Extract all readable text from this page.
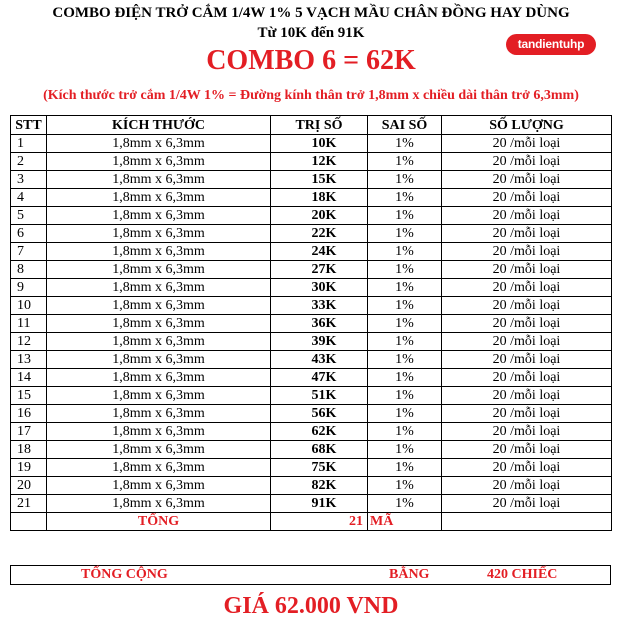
COMBO ĐIỆN TRỞ CẮM 1/4W 1% 5 VẠCH MẦU CHÂN ĐỒNG HAY DÙNG
Từ 10K đến 91K
tandientuhp
COMBO 6 = 62K
(Kích thước trở cắm 1/4W 1% = Đường kính thân trở 1,8mm x chiều dài thân trở 6,3mm)
STT	KÍCH THƯỚC	TRỊ SỐ	SAI SỐ	SỐ LƯỢNG
1	1,8mm x 6,3mm	10K	1%	20 /mỗi loại
2	1,8mm x 6,3mm	12K	1%	20 /mỗi loại
3	1,8mm x 6,3mm	15K	1%	20 /mỗi loại
4	1,8mm x 6,3mm	18K	1%	20 /mỗi loại
5	1,8mm x 6,3mm	20K	1%	20 /mỗi loại
6	1,8mm x 6,3mm	22K	1%	20 /mỗi loại
7	1,8mm x 6,3mm	24K	1%	20 /mỗi loại
8	1,8mm x 6,3mm	27K	1%	20 /mỗi loại
9	1,8mm x 6,3mm	30K	1%	20 /mỗi loại
10	1,8mm x 6,3mm	33K	1%	20 /mỗi loại
11	1,8mm x 6,3mm	36K	1%	20 /mỗi loại
12	1,8mm x 6,3mm	39K	1%	20 /mỗi loại
13	1,8mm x 6,3mm	43K	1%	20 /mỗi loại
14	1,8mm x 6,3mm	47K	1%	20 /mỗi loại
15	1,8mm x 6,3mm	51K	1%	20 /mỗi loại
16	1,8mm x 6,3mm	56K	1%	20 /mỗi loại
17	1,8mm x 6,3mm	62K	1%	20 /mỗi loại
18	1,8mm x 6,3mm	68K	1%	20 /mỗi loại
19	1,8mm x 6,3mm	75K	1%	20 /mỗi loại
20	1,8mm x 6,3mm	82K	1%	20 /mỗi loại
21	1,8mm x 6,3mm	91K	1%	20 /mỗi loại
	TỔNG	21	MÃ	
TỔNG CỘNG	BẰNG	420 CHIẾC
GIÁ 62.000 VND
